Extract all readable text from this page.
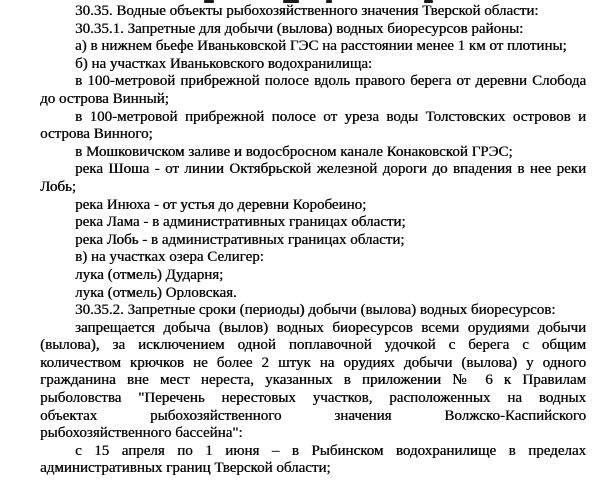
30.35. Водные объекты рыбохозяйственного значения Тверской области:
30.35.1. Запретные для добычи (вылова) водных биоресурсов районы:
а) в нижнем бьефе Иваньковской ГЭС на расстоянии менее 1 км от плотины;
б) на участках Иваньковского водохранилища:
в 100-метровой прибрежной полосе вдоль правого берега от деревни Слобода
до острова Винный;
в 100-метровой прибрежной полосе от уреза воды Толстовских островов и
острова Винного;
в Мошковичском заливе и водосбросном канале Конаковской ГРЭС;
река Шоша - от линии Октябрьской железной дороги до впадения в нее реки
Лобь;
река Инюха - от устья до деревни Коробеино;
река Лама - в административных границах области;
река Лобь - в административных границах области;
в) на участках озера Селигер:
лука (отмель) Дударня;
лука (отмель) Орловская.
30.35.2. Запретные сроки (периоды) добычи (вылова) водных биоресурсов:
запрещается добыча (вылов) водных биоресурсов всеми орудиями добычи
(вылова), за исключением одной поплавочной удочкой с берега с общим
количеством крючков не более 2 штук на орудиях добычи (вылова) у одного
гражданина вне мест нереста, указанных в приложении № 6 к Правилам
рыболовства "Перечень нерестовых участков, расположенных на водных
объектах рыбохозяйственного значения Волжско-Каспийского
рыбохозяйственного бассейна":
с 15 апреля по 1 июня – в Рыбинском водохранилище в пределах
административных границ Тверской области;
